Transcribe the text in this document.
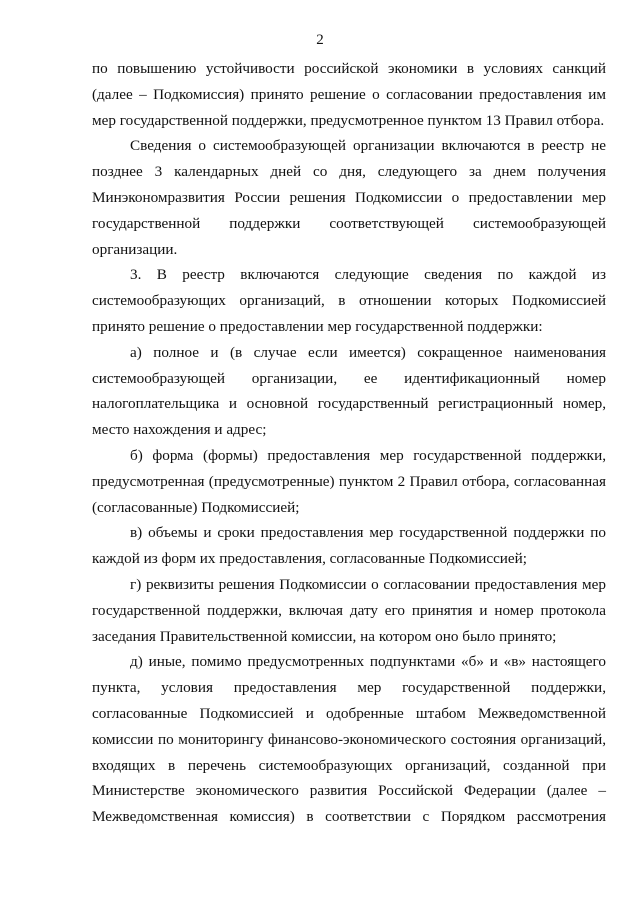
2

по повышению устойчивости российской экономики в условиях санкций (далее – Подкомиссия) принято решение о согласовании предоставления им мер государственной поддержки, предусмотренное пунктом 13 Правил отбора.

Сведения о системообразующей организации включаются в реестр не позднее 3 календарных дней со дня, следующего за днем получения Минэкономразвития России решения Подкомиссии о предоставлении мер государственной поддержки соответствующей системообразующей организации.

3. В реестр включаются следующие сведения по каждой из системообразующих организаций, в отношении которых Подкомиссией принято решение о предоставлении мер государственной поддержки:

а) полное и (в случае если имеется) сокращенное наименования системообразующей организации, ее идентификационный номер налогоплательщика и основной государственный регистрационный номер, место нахождения и адрес;

б) форма (формы) предоставления мер государственной поддержки, предусмотренная (предусмотренные) пунктом 2 Правил отбора, согласованная (согласованные) Подкомиссией;

в) объемы и сроки предоставления мер государственной поддержки по каждой из форм их предоставления, согласованные Подкомиссией;

г) реквизиты решения Подкомиссии о согласовании предоставления мер государственной поддержки, включая дату его принятия и номер протокола заседания Правительственной комиссии, на котором оно было принято;

д) иные, помимо предусмотренных подпунктами «б» и «в» настоящего пункта, условия предоставления мер государственной поддержки, согласованные Подкомиссией и одобренные штабом Межведомственной комиссии по мониторингу финансово-экономического состояния организаций, входящих в перечень системообразующих организаций, созданной при Министерстве экономического развития Российской Федерации (далее – Межведомственная комиссия) в соответствии с Порядком рассмотрения
